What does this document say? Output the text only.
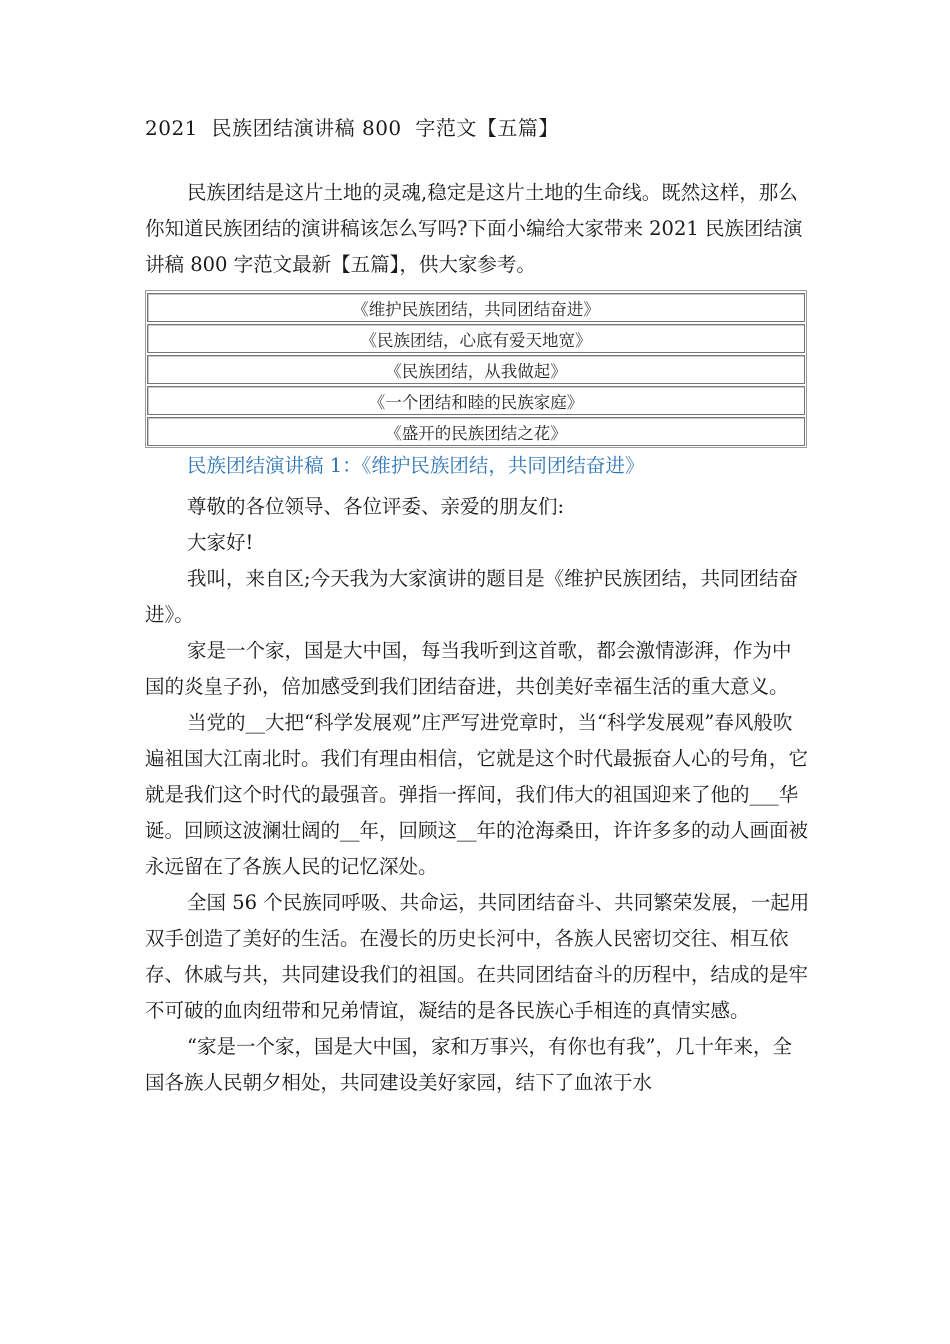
2021  民族团结演讲稿 800  字范文【五篇】

民族团结是这片土地的灵魂,稳定是这片土地的生命线。既然这样，那么你知道民族团结的演讲稿该怎么写吗?下面小编给大家带来 2021 民族团结演讲稿 800 字范文最新【五篇】，供大家参考。

《维护民族团结，共同团结奋进》
《民族团结，心底有爱天地宽》
《民族团结，从我做起》
《一个团结和睦的民族家庭》
《盛开的民族团结之花》
民族团结演讲稿 1：《维护民族团结，共同团结奋进》

尊敬的各位领导、各位评委、亲爱的朋友们:

大家好!

我叫，来自区;今天我为大家演讲的题目是《维护民族团结，共同团结奋进》。

家是一个家，国是大中国，每当我听到这首歌，都会激情澎湃，作为中国的炎皇子孙，倍加感受到我们团结奋进，共创美好幸福生活的重大意义。

当党的__大把“科学发展观”庄严写进党章时，当“科学发展观”春风般吹遍祖国大江南北时。我们有理由相信，它就是这个时代最振奋人心的号角，它就是我们这个时代的最强音。弹指一挥间，我们伟大的祖国迎来了他的___华诞。回顾这波澜壮阔的__年，回顾这__年的沧海桑田，许许多多的动人画面被永远留在了各族人民的记忆深处。

全国 56 个民族同呼吸、共命运，共同团结奋斗、共同繁荣发展，一起用双手创造了美好的生活。在漫长的历史长河中，各族人民密切交往、相互依存、休戚与共，共同建设我们的祖国。在共同团结奋斗的历程中，结成的是牢不可破的血肉纽带和兄弟情谊，凝结的是各民族心手相连的真情实感。

“家是一个家，国是大中国，家和万事兴，有你也有我”，几十年来，全国各族人民朝夕相处，共同建设美好家园，结下了血浓于水
